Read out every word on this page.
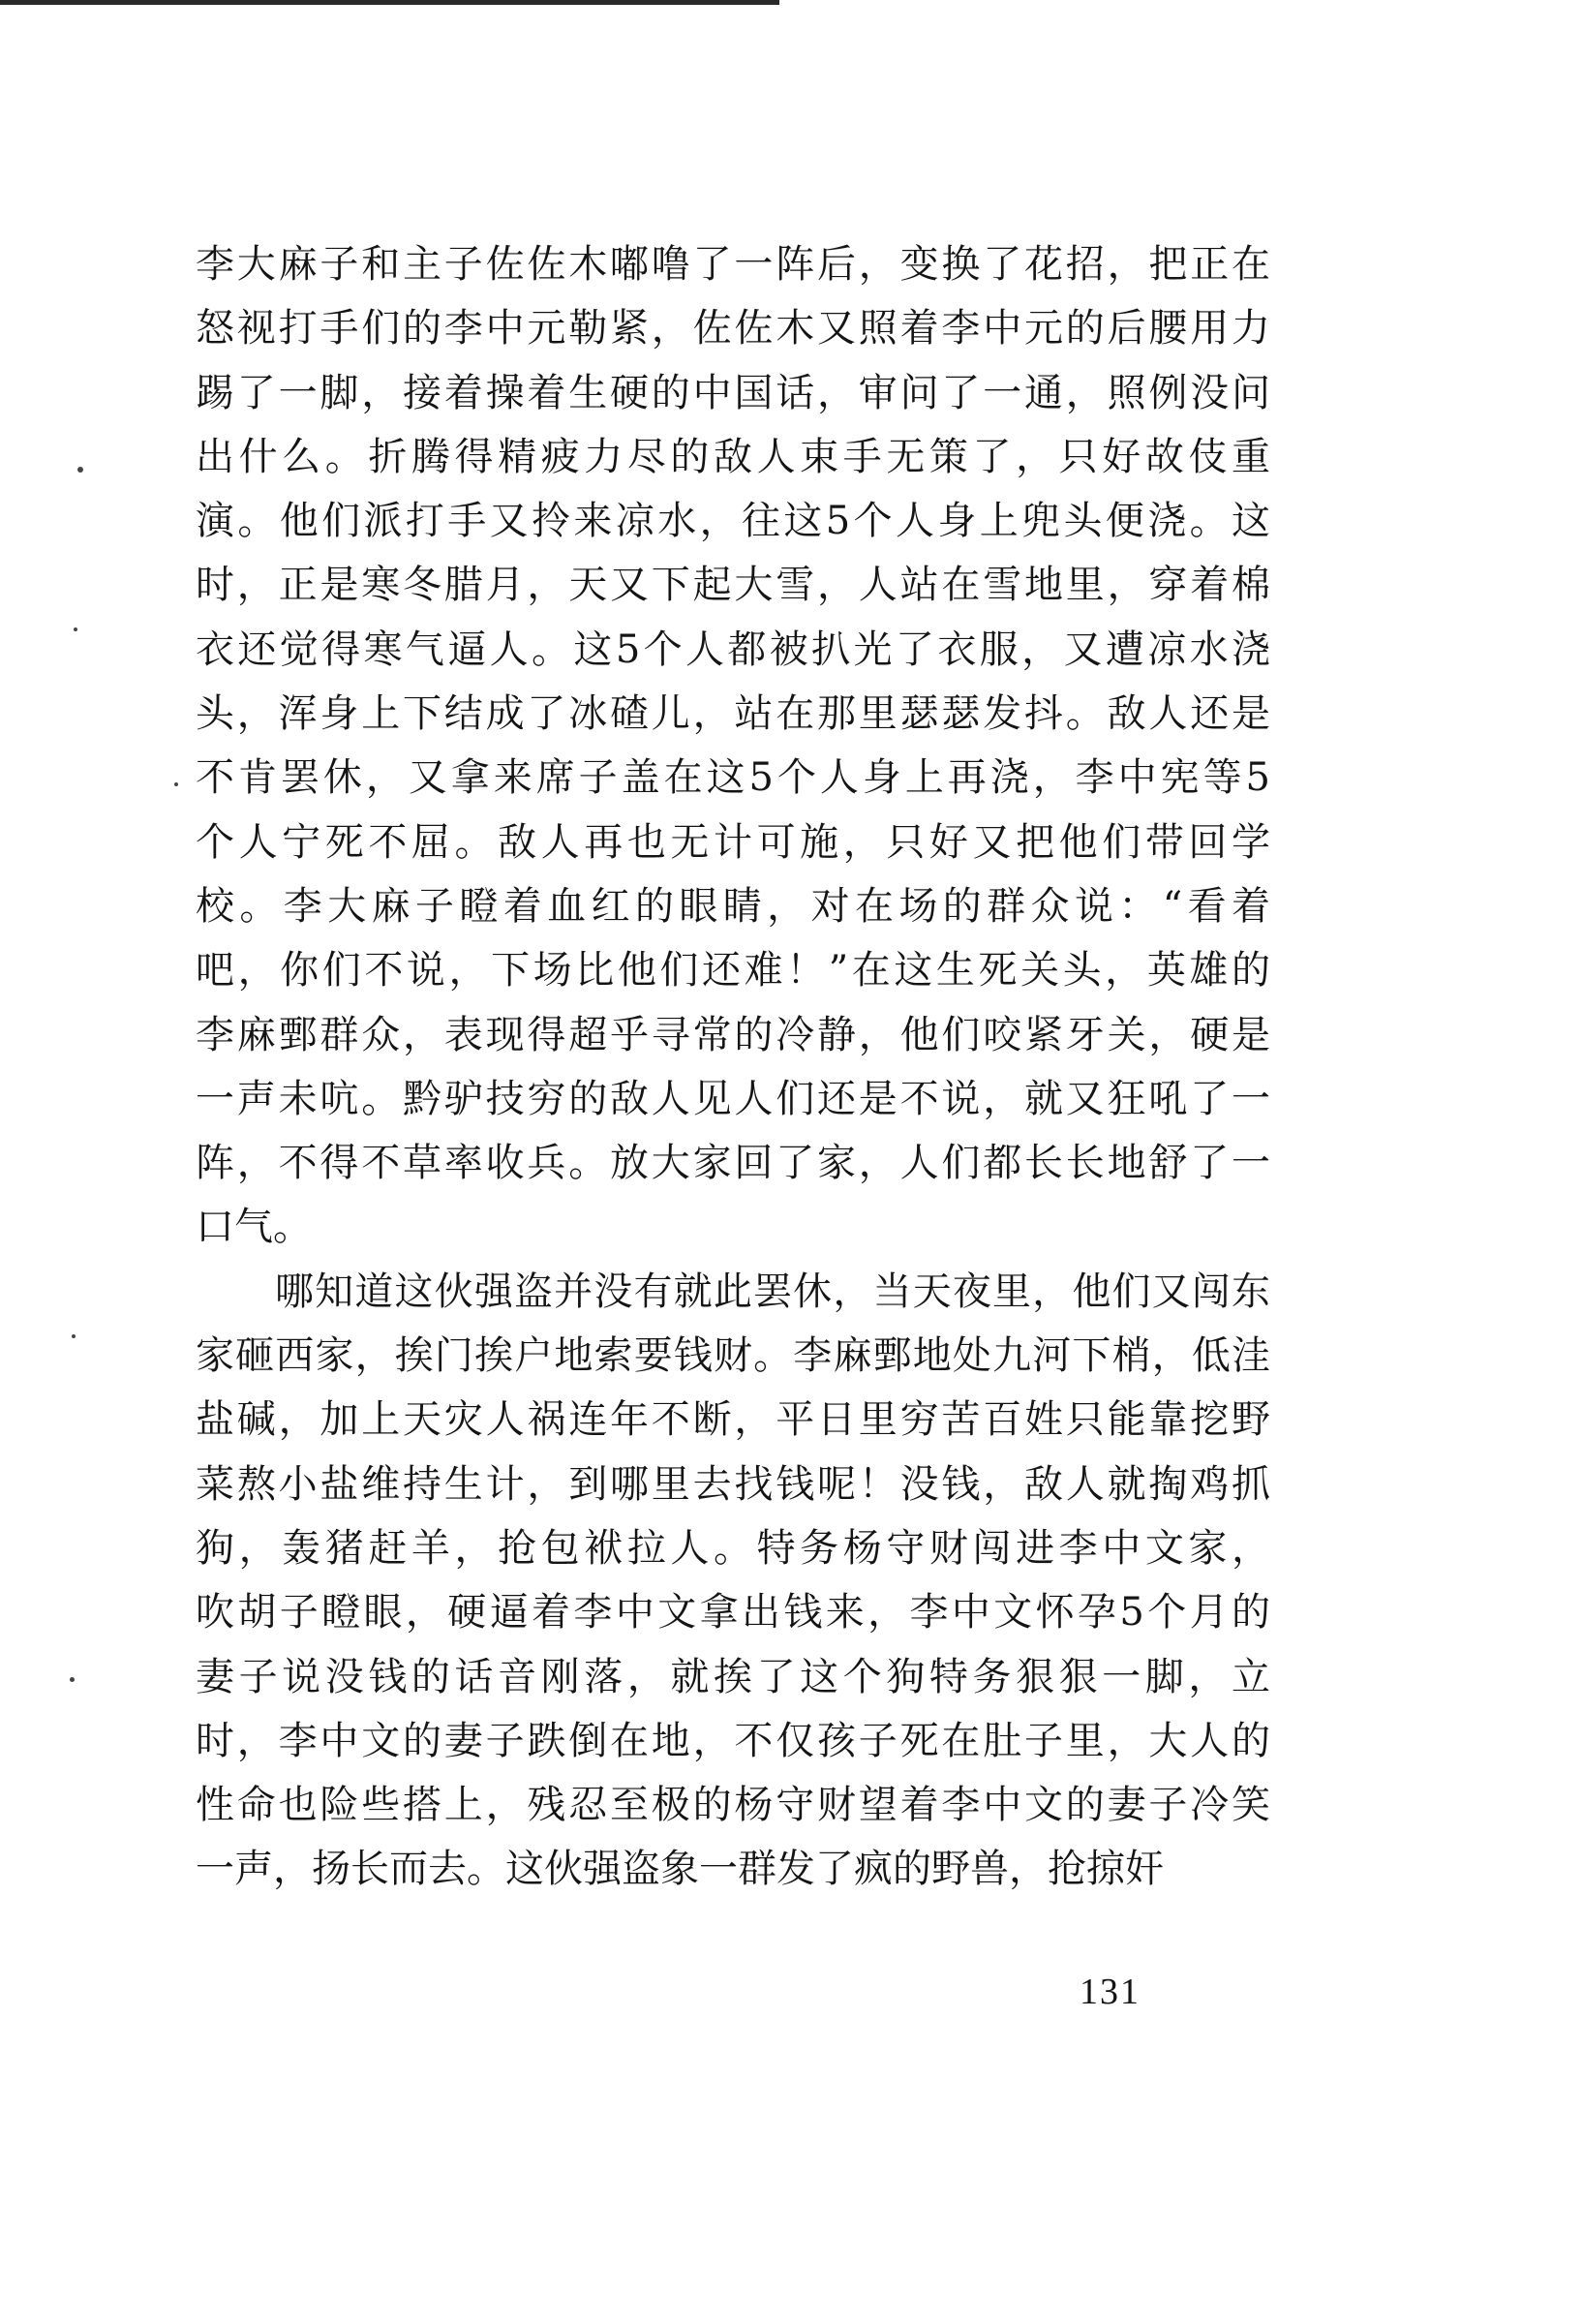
李大麻子和主子佐佐木嘟噜了一阵后，变换了花招，把正在
怒视打手们的李中元勒紧，佐佐木又照着李中元的后腰用力
踢了一脚，接着操着生硬的中国话，审问了一通，照例没问
出什么。折腾得精疲力尽的敌人束手无策了，只好故伎重
演。他们派打手又拎来凉水，往这5个人身上兜头便浇。这
时，正是寒冬腊月，天又下起大雪，人站在雪地里，穿着棉
衣还觉得寒气逼人。这5个人都被扒光了衣服，又遭凉水浇
头，浑身上下结成了冰碴儿，站在那里瑟瑟发抖。敌人还是
不肯罢休，又拿来席子盖在这5个人身上再浇，李中宪等5
个人宁死不屈。敌人再也无计可施，只好又把他们带回学
校。李大麻子瞪着血红的眼睛，对在场的群众说：“看着
吧，你们不说，下场比他们还难！”在这生死关头，英雄的
李麻鄄群众，表现得超乎寻常的冷静，他们咬紧牙关，硬是
一声未吭。黔驴技穷的敌人见人们还是不说，就又狂吼了一
阵，不得不草率收兵。放大家回了家，人们都长长地舒了一
口气。
哪知道这伙强盗并没有就此罢休，当天夜里，他们又闯东
家砸西家，挨门挨户地索要钱财。李麻鄄地处九河下梢，低洼
盐碱，加上天灾人祸连年不断，平日里穷苦百姓只能靠挖野
菜熬小盐维持生计，到哪里去找钱呢！没钱，敌人就掏鸡抓
狗，轰猪赶羊，抢包袱拉人。特务杨守财闯进李中文家，
吹胡子瞪眼，硬逼着李中文拿出钱来，李中文怀孕5个月的
妻子说没钱的话音刚落，就挨了这个狗特务狠狠一脚，立
时，李中文的妻子跌倒在地，不仅孩子死在肚子里，大人的
性命也险些搭上，残忍至极的杨守财望着李中文的妻子冷笑
一声，扬长而去。这伙强盗象一群发了疯的野兽，抢掠奸
131
